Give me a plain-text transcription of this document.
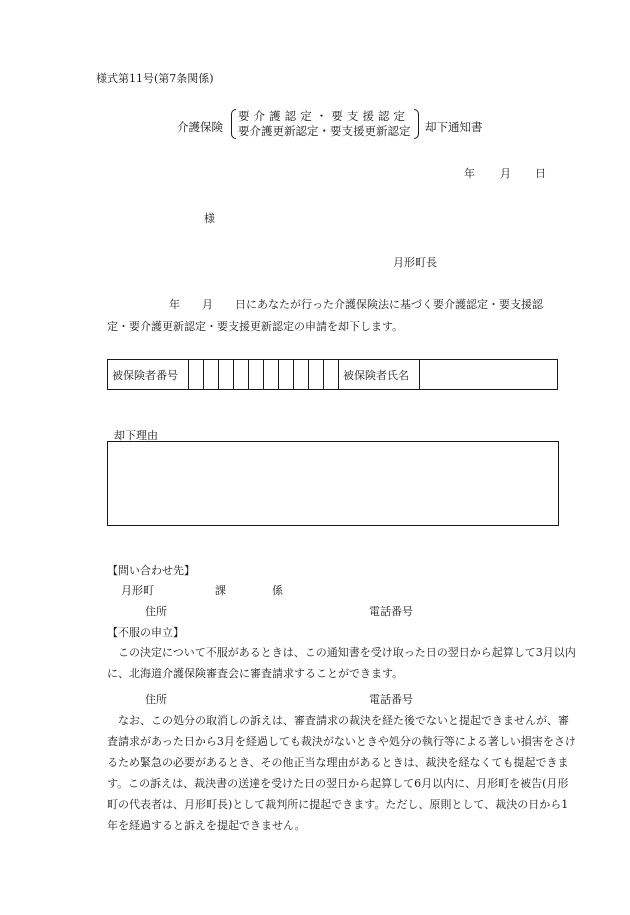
様式第11号(第7条関係)
介護保険
要 介 護 認 定 ・ 要 支 援 認 定
要介護更新認定・要支援更新認定 却下通知書
年 月 日
様
月形町長
年　　月　　日にあなたが行った介護保険法に基づく要介護認定・要支援認
定・要介護更新認定・要支援更新認定の申請を却下します。
被保険者番号											被保険者氏名	
却下理由
【問い合わせ先】
月形町	課	係
住所	電話番号
【不服の申立】
この決定について不服があるときは、この通知書を受け取った日の翌日から起算して3月以内に、北海道介護保険審査会に審査請求することができます。
住所	電話番号
なお、この処分の取消しの訴えは、審査請求の裁決を経た後でないと提起できませんが、審査請求があった日から3月を経過しても裁決がないときや処分の執行等による著しい損害をさけるため緊急の必要があるとき、その他正当な理由があるときは、裁決を経なくても提起できます。この訴えは、裁決書の送達を受けた日の翌日から起算して6月以内に、月形町を被告(月形町の代表者は、月形町長)として裁判所に提起できます。ただし、原則として、裁決の日から1年を経過すると訴えを提起できません。
